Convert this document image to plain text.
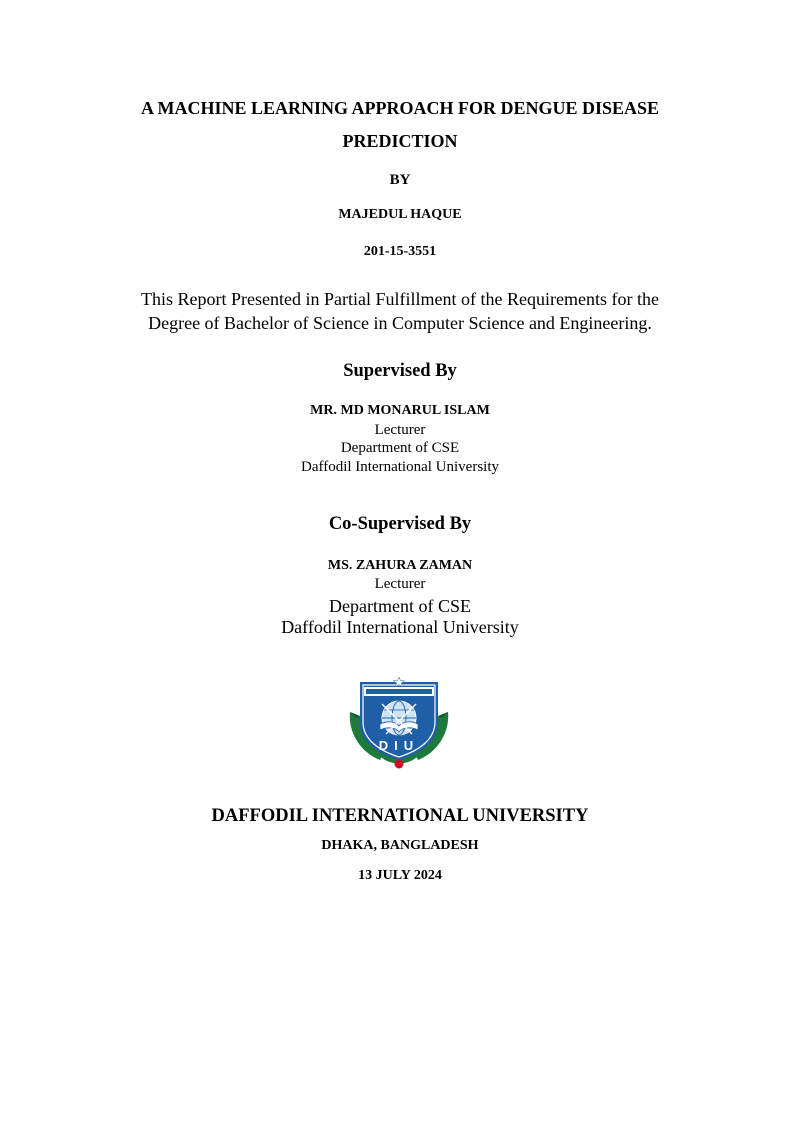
A MACHINE LEARNING APPROACH FOR DENGUE DISEASE
PREDICTION
BY
MAJEDUL HAQUE
201-15-3551
This Report Presented in Partial Fulfillment of the Requirements for the
Degree of Bachelor of Science in Computer Science and Engineering.
Supervised By
MR. MD MONARUL ISLAM
Lecturer
Department of CSE
Daffodil International University
Co-Supervised By
MS. ZAHURA ZAMAN
Lecturer
Department of CSE
Daffodil International University
DIU
DAFFODIL INTERNATIONAL UNIVERSITY
DHAKA, BANGLADESH
13 JULY 2024
